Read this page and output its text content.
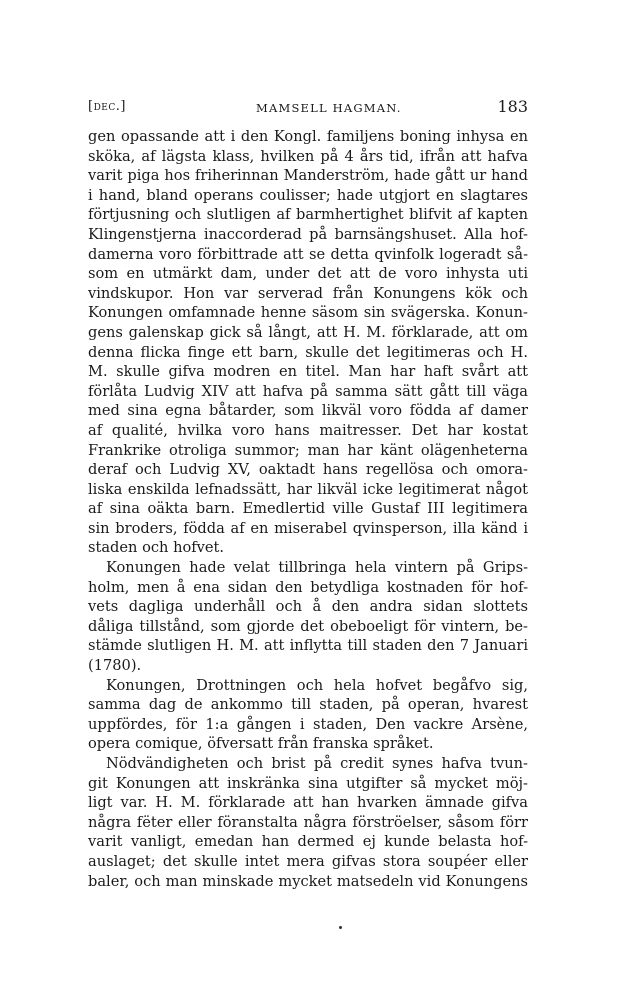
[dec.]	MAMSELL HAGMAN.	183
gen opassande att i den Kongl. familjens boning inhysa en
sköka, af lägsta klass, hvilken på 4 års tid, ifrån att hafva
varit piga hos friherinnan Manderström, hade gått ur hand
i hand, bland operans coulisser; hade utgjort en slagtares
förtjusning och slutligen af barmhertighet blifvit af kapten
Klingenstjerna inaccorderad på barnsängshuset. Alla hof-
damerna voro förbittrade att se detta qvinfolk logeradt så-
som en utmärkt dam, under det att de voro inhysta uti
vindskupor. Hon var serverad från Konungens kök och
Konungen omfamnade henne säsom sin svägerska. Konun-
gens galenskap gick så långt, att H. M. förklarade, att om
denna flicka finge ett barn, skulle det legitimeras och H.
M. skulle gifva modren en titel. Man har haft svårt att
förlåta Ludvig XIV att hafva på samma sätt gått till väga
med sina egna båtarder, som likväl voro födda af damer
af qualité, hvilka voro hans maitresser. Det har kostat
Frankrike otroliga summor; man har känt olägenheterna
deraf och Ludvig XV, oaktadt hans regellösa och omora-
liska enskilda lefnadssätt, har likväl icke legitimerat något
af sina oäkta barn. Emedlertid ville Gustaf III legitimera
sin broders, födda af en miserabel qvinsperson, illa känd i
staden och hofvet.
Konungen hade velat tillbringa hela vintern på Grips-
holm, men å ena sidan den betydliga kostnaden för hof-
vets dagliga underhåll och å den andra sidan slottets
dåliga tillstånd, som gjorde det obeboeligt för vintern, be-
stämde slutligen H. M. att inflytta till staden den 7 Januari
(1780).
Konungen, Drottningen och hela hofvet begåfvo sig,
samma dag de ankommo till staden, på operan, hvarest
uppfördes, för 1:a gången i staden, Den vackre Arsène,
opera comique, öfversatt från franska språket.
Nödvändigheten och brist på credit synes hafva tvun-
git Konungen att inskränka sina utgifter så mycket möj-
ligt var. H. M. förklarade att han hvarken ämnade gifva
några fëter eller föranstalta några förströelser, såsom förr
varit vanligt, emedan han dermed ej kunde belasta hof-
auslaget; det skulle intet mera gifvas stora soupéer eller
baler, och man minskade mycket matsedeln vid Konungens
